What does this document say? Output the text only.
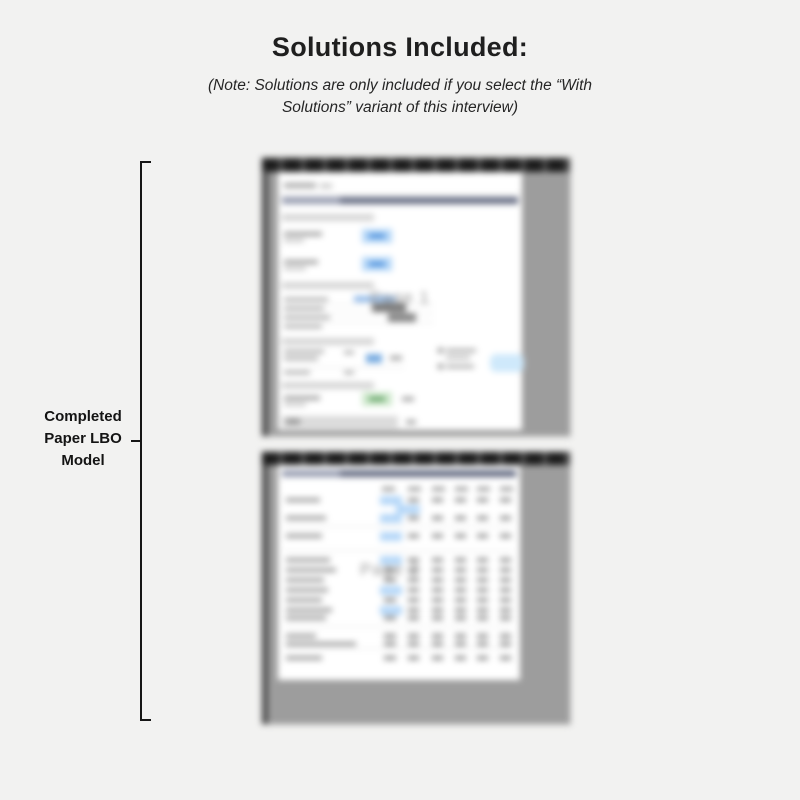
Solutions Included:

(Note: Solutions are only included if you select the “With
Solutions” variant of this interview)

Completed
Paper LBO
Model
Page 1
Page 2
